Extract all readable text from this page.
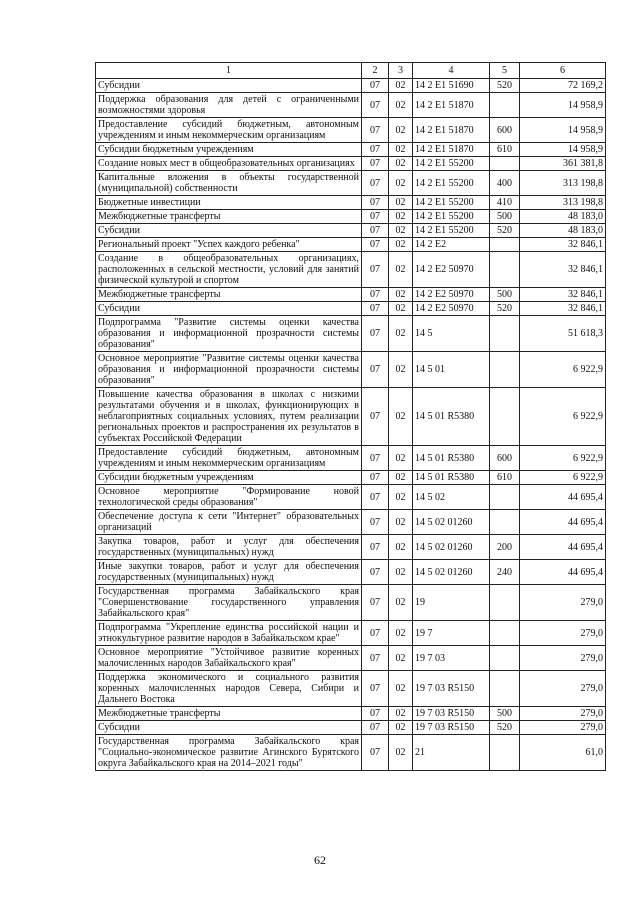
1	2	3	4	5	6
Субсидии	07	02	14 2 E1 51690	520	72 169,2
Поддержка образования для детей с ограниченными возможностями здоровья	07	02	14 2 E1 51870		14 958,9
Предоставление субсидий бюджетным, автономным учреждениям и иным некоммерческим организациям	07	02	14 2 E1 51870	600	14 958,9
Субсидии бюджетным учреждениям	07	02	14 2 E1 51870	610	14 958,9
Создание новых мест в общеобразовательных организациях	07	02	14 2 E1 55200		361 381,8
Капитальные вложения в объекты государственной (муниципальной) собственности	07	02	14 2 E1 55200	400	313 198,8
Бюджетные инвестиции	07	02	14 2 E1 55200	410	313 198,8
Межбюджетные трансферты	07	02	14 2 E1 55200	500	48 183,0
Субсидии	07	02	14 2 E1 55200	520	48 183,0
Региональный проект "Успех каждого ребенка"	07	02	14 2 E2		32 846,1
Создание в общеобразовательных организациях, расположенных в сельской местности, условий для занятий физической культурой и спортом	07	02	14 2 E2 50970		32 846,1
Межбюджетные трансферты	07	02	14 2 E2 50970	500	32 846,1
Субсидии	07	02	14 2 E2 50970	520	32 846,1
Подпрограмма "Развитие системы оценки качества образования и информационной прозрачности системы образования"	07	02	14 5		51 618,3
Основное мероприятие "Развитие системы оценки качества образования и информационной прозрачности системы образования"	07	02	14 5 01		6 922,9
Повышение качества образования в школах с низкими результатами обучения и в школах, функционирующих в неблагоприятных социальных условиях, путем реализации региональных проектов и распространения их результатов в субъектах Российской Федерации	07	02	14 5 01 R5380		6 922,9
Предоставление субсидий бюджетным, автономным учреждениям и иным некоммерческим организациям	07	02	14 5 01 R5380	600	6 922,9
Субсидии бюджетным учреждениям	07	02	14 5 01 R5380	610	6 922,9
Основное мероприятие "Формирование новой технологической среды образования"	07	02	14 5 02		44 695,4
Обеспечение доступа к сети "Интернет" образовательных организаций	07	02	14 5 02 01260		44 695,4
Закупка товаров, работ и услуг для обеспечения государственных (муниципальных) нужд	07	02	14 5 02 01260	200	44 695,4
Иные закупки товаров, работ и услуг для обеспечения государственных (муниципальных) нужд	07	02	14 5 02 01260	240	44 695,4
Государственная программа Забайкальского края "Совершенствование государственного управления Забайкальского края"	07	02	19		279,0
Подпрограмма "Укрепление единства российской нации и этнокультурное развитие народов в Забайкальском крае"	07	02	19 7		279,0
Основное мероприятие "Устойчивое развитие коренных малочисленных народов Забайкальского края"	07	02	19 7 03		279,0
Поддержка экономического и социального развития коренных малочисленных народов Севера, Сибири и Дальнего Востока	07	02	19 7 03 R5150		279,0
Межбюджетные трансферты	07	02	19 7 03 R5150	500	279,0
Субсидии	07	02	19 7 03 R5150	520	279,0
Государственная программа Забайкальского края "Социально-экономическое развитие Агинского Бурятского округа Забайкальского края на 2014–2021 годы"	07	02	21		61,0
62
